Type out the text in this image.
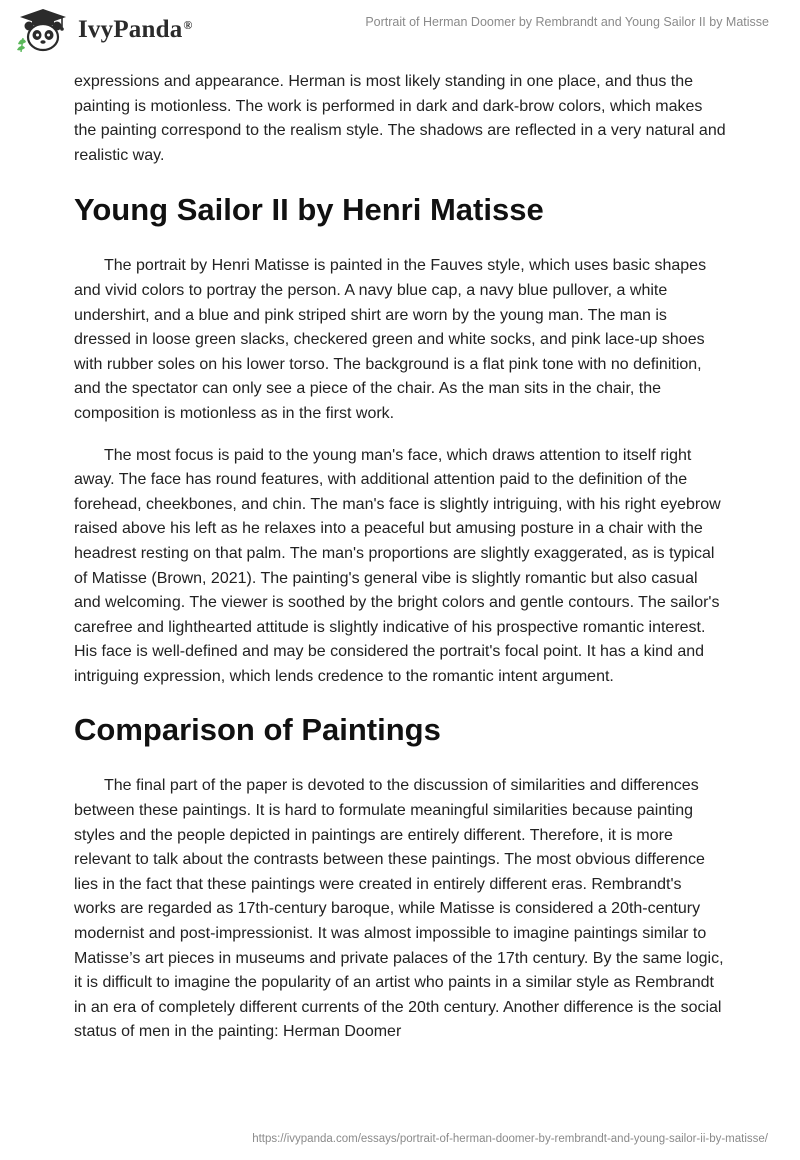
IvyPanda®	Portrait of Herman Doomer by Rembrandt and Young Sailor II by Matisse

expressions and appearance. Herman is most likely standing in one place, and thus the painting is motionless. The work is performed in dark and dark-brow colors, which makes the painting correspond to the realism style. The shadows are reflected in a very natural and realistic way.

Young Sailor II by Henri Matisse

The portrait by Henri Matisse is painted in the Fauves style, which uses basic shapes and vivid colors to portray the person. A navy blue cap, a navy blue pullover, a white undershirt, and a blue and pink striped shirt are worn by the young man. The man is dressed in loose green slacks, checkered green and white socks, and pink lace-up shoes with rubber soles on his lower torso. The background is a flat pink tone with no definition, and the spectator can only see a piece of the chair. As the man sits in the chair, the composition is motionless as in the first work.

The most focus is paid to the young man's face, which draws attention to itself right away. The face has round features, with additional attention paid to the definition of the forehead, cheekbones, and chin. The man's face is slightly intriguing, with his right eyebrow raised above his left as he relaxes into a peaceful but amusing posture in a chair with the headrest resting on that palm. The man's proportions are slightly exaggerated, as is typical of Matisse (Brown, 2021). The painting's general vibe is slightly romantic but also casual and welcoming. The viewer is soothed by the bright colors and gentle contours. The sailor's carefree and lighthearted attitude is slightly indicative of his prospective romantic interest. His face is well-defined and may be considered the portrait's focal point. It has a kind and intriguing expression, which lends credence to the romantic intent argument.

Comparison of Paintings

The final part of the paper is devoted to the discussion of similarities and differences between these paintings. It is hard to formulate meaningful similarities because painting styles and the people depicted in paintings are entirely different. Therefore, it is more relevant to talk about the contrasts between these paintings. The most obvious difference lies in the fact that these paintings were created in entirely different eras. Rembrandt's works are regarded as 17th-century baroque, while Matisse is considered a 20th-century modernist and post-impressionist. It was almost impossible to imagine paintings similar to Matisse’s art pieces in museums and private palaces of the 17th century. By the same logic, it is difficult to imagine the popularity of an artist who paints in a similar style as Rembrandt in an era of completely different currents of the 20th century. Another difference is the social status of men in the painting: Herman Doomer

https://ivypanda.com/essays/portrait-of-herman-doomer-by-rembrandt-and-young-sailor-ii-by-matisse/
